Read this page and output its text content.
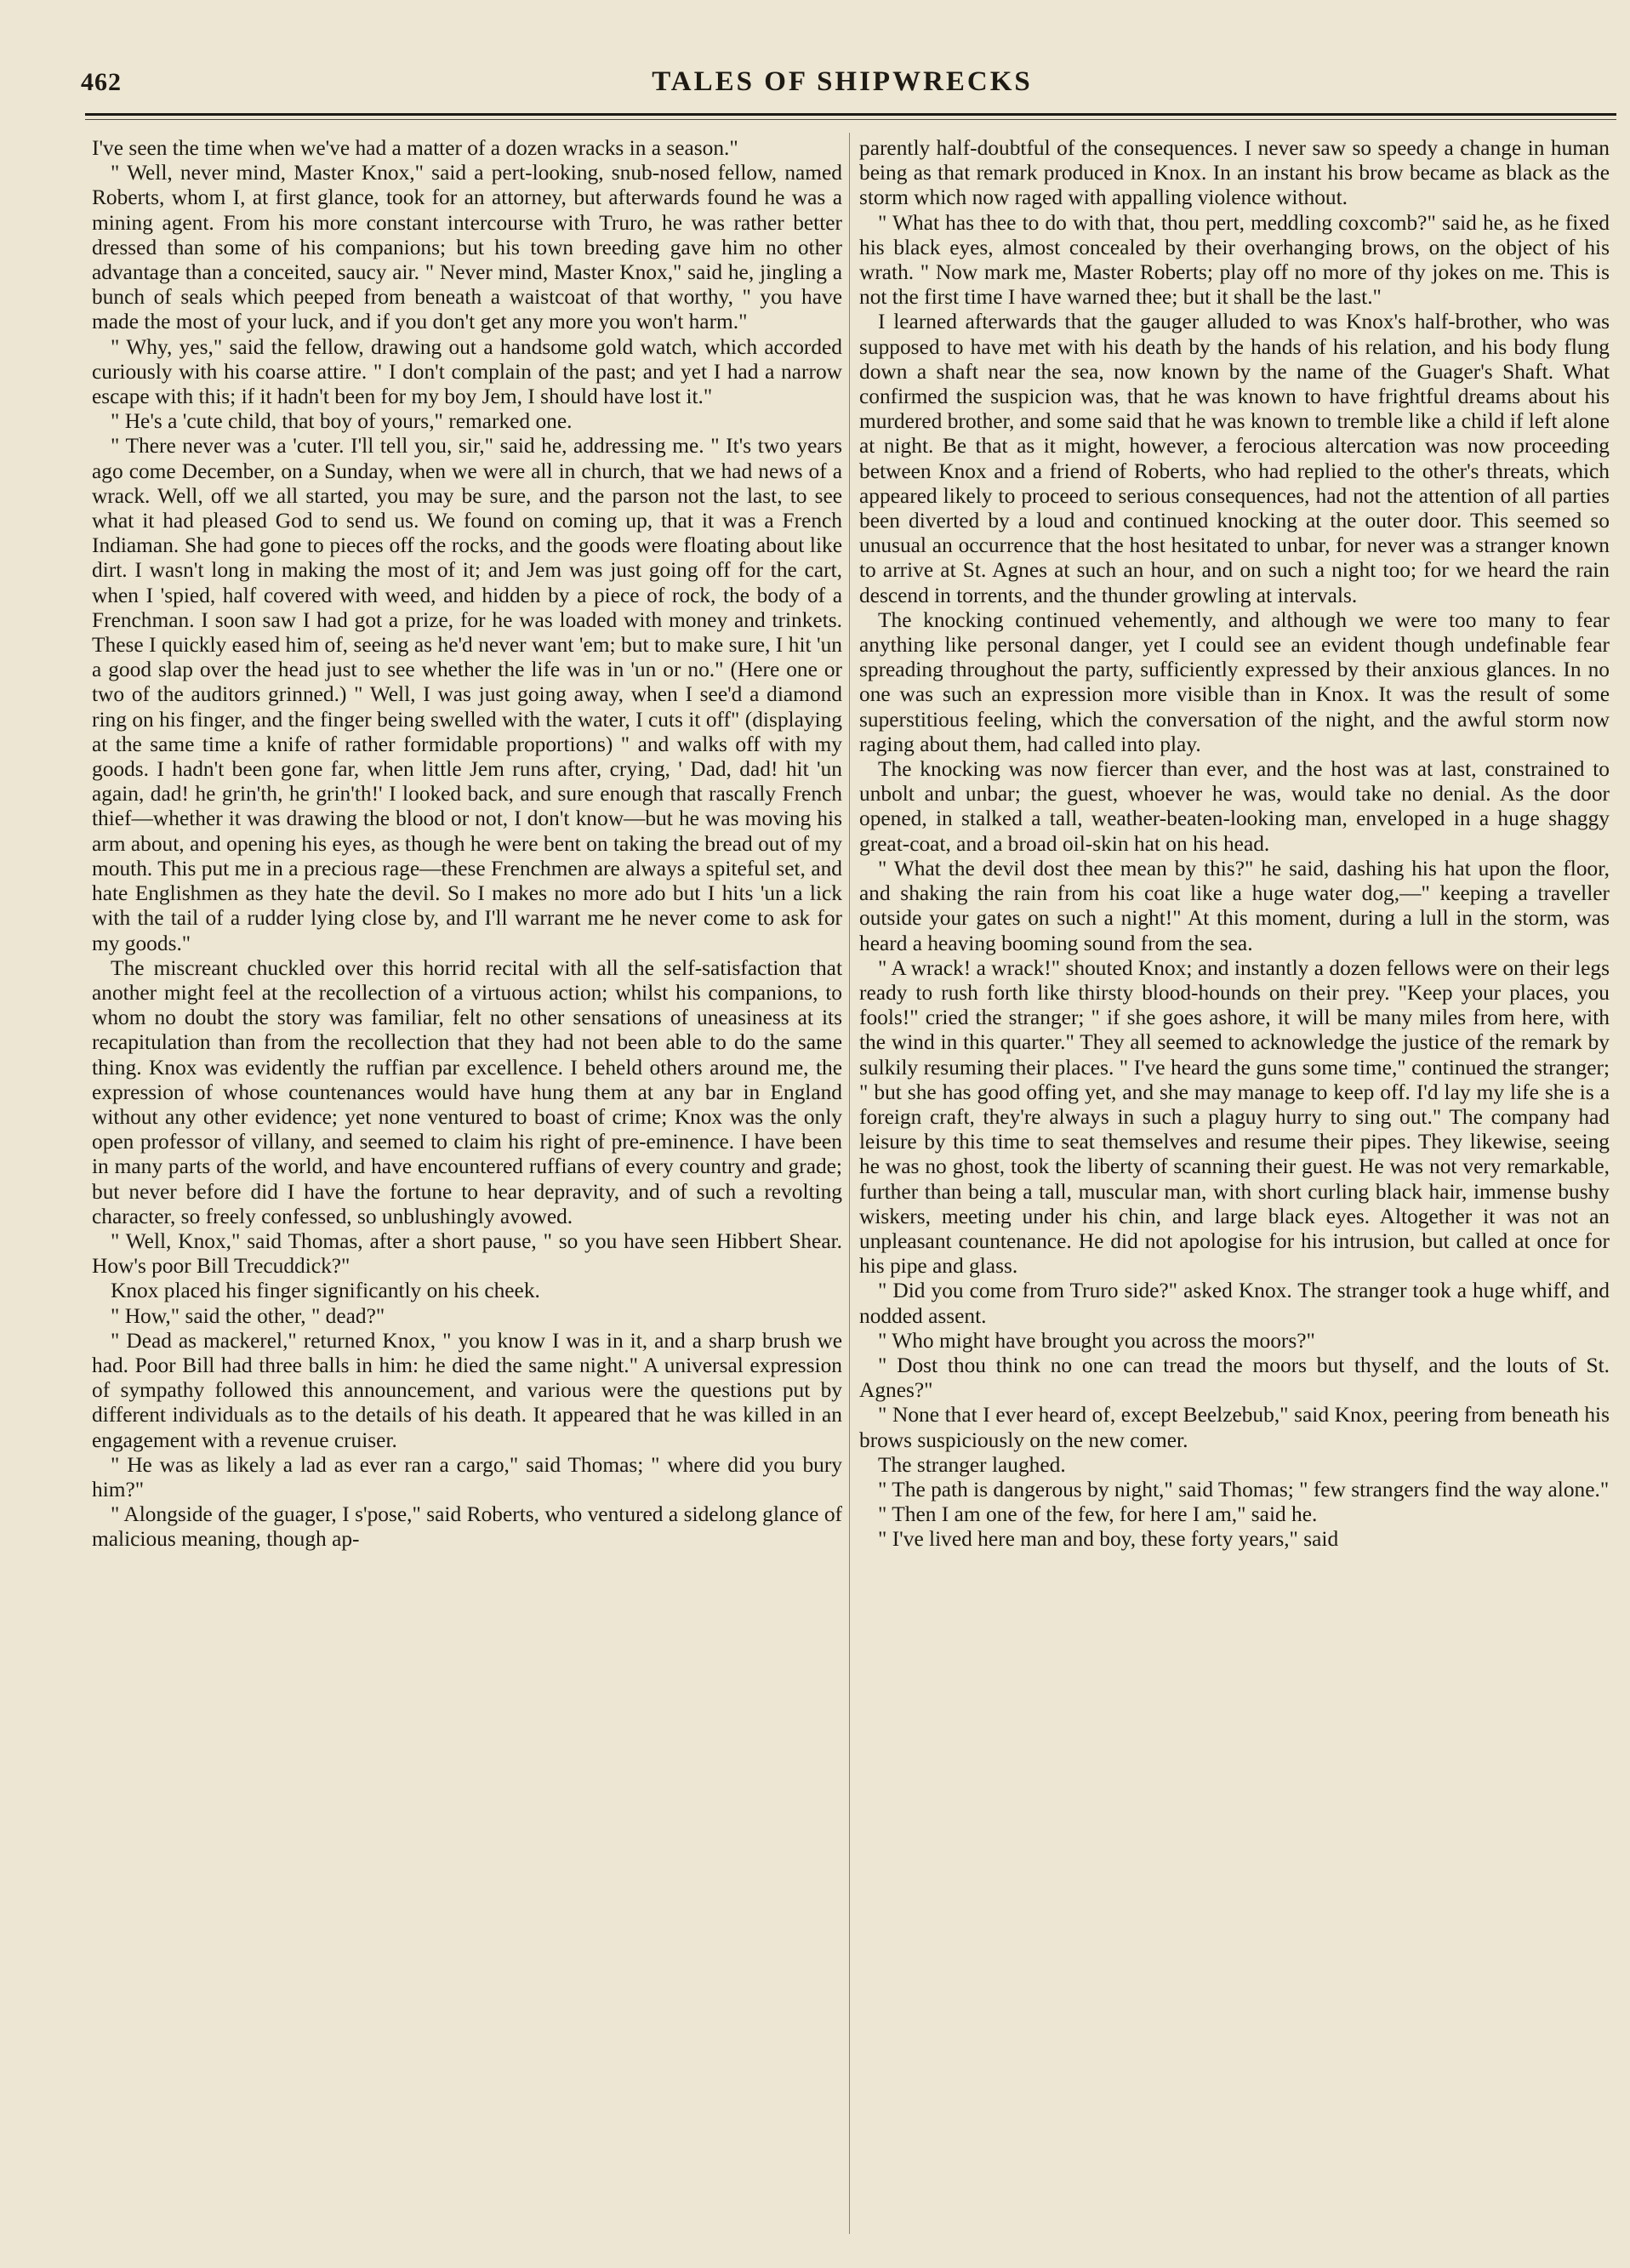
462	TALES OF SHIPWRECKS

I've seen the time when we've had a matter of a dozen wracks in a season."

" Well, never mind, Master Knox," said a pert-looking, snub-nosed fellow, named Roberts, whom I, at first glance, took for an attorney, but afterwards found he was a mining agent. From his more constant intercourse with Truro, he was rather better dressed than some of his companions; but his town breeding gave him no other advantage than a conceited, saucy air. " Never mind, Master Knox," said he, jingling a bunch of seals which peeped from beneath a waistcoat of that worthy, " you have made the most of your luck, and if you don't get any more you won't harm."

" Why, yes," said the fellow, drawing out a handsome gold watch, which accorded curiously with his coarse attire. " I don't complain of the past; and yet I had a narrow escape with this; if it hadn't been for my boy Jem, I should have lost it."

" He's a 'cute child, that boy of yours," remarked one.

" There never was a 'cuter. I'll tell you, sir," said he, addressing me. " It's two years ago come December, on a Sunday, when we were all in church, that we had news of a wrack. Well, off we all started, you may be sure, and the parson not the last, to see what it had pleased God to send us. We found on coming up, that it was a French Indiaman. She had gone to pieces off the rocks, and the goods were floating about like dirt. I wasn't long in making the most of it; and Jem was just going off for the cart, when I 'spied, half covered with weed, and hidden by a piece of rock, the body of a Frenchman. I soon saw I had got a prize, for he was loaded with money and trinkets. These I quickly eased him of, seeing as he'd never want 'em; but to make sure, I hit 'un a good slap over the head just to see whether the life was in 'un or no." (Here one or two of the auditors grinned.) " Well, I was just going away, when I see'd a diamond ring on his finger, and the finger being swelled with the water, I cuts it off" (displaying at the same time a knife of rather formidable proportions) " and walks off with my goods. I hadn't been gone far, when little Jem runs after, crying, ' Dad, dad! hit 'un again, dad! he grin'th, he grin'th!' I looked back, and sure enough that rascally French thief—whether it was drawing the blood or not, I don't know—but he was moving his arm about, and opening his eyes, as though he were bent on taking the bread out of my mouth. This put me in a precious rage—these Frenchmen are always a spiteful set, and hate Englishmen as they hate the devil. So I makes no more ado but I hits 'un a lick with the tail of a rudder lying close by, and I'll warrant me he never come to ask for my goods."

The miscreant chuckled over this horrid recital with all the self-satisfaction that another might feel at the recollection of a virtuous action; whilst his companions, to whom no doubt the story was familiar, felt no other sensations of uneasiness at its recapitulation than from the recollection that they had not been able to do the same thing. Knox was evidently the ruffian par excellence. I beheld others around me, the expression of whose countenances would have hung them at any bar in England without any other evidence; yet none ventured to boast of crime; Knox was the only open professor of villany, and seemed to claim his right of pre-eminence. I have been in many parts of the world, and have encountered ruffians of every country and grade; but never before did I have the fortune to hear depravity, and of such a revolting character, so freely confessed, so unblushingly avowed.

" Well, Knox," said Thomas, after a short pause, " so you have seen Hibbert Shear. How's poor Bill Trecuddick?"

Knox placed his finger significantly on his cheek.

" How," said the other, " dead?"

" Dead as mackerel," returned Knox, " you know I was in it, and a sharp brush we had. Poor Bill had three balls in him: he died the same night." A universal expression of sympathy followed this announcement, and various were the questions put by different individuals as to the details of his death. It appeared that he was killed in an engagement with a revenue cruiser.

" He was as likely a lad as ever ran a cargo," said Thomas; " where did you bury him?"

" Alongside of the guager, I s'pose," said Roberts, who ventured a sidelong glance of malicious meaning, though ap-

parently half-doubtful of the consequences. I never saw so speedy a change in human being as that remark produced in Knox. In an instant his brow became as black as the storm which now raged with appalling violence without.

" What has thee to do with that, thou pert, meddling coxcomb?" said he, as he fixed his black eyes, almost concealed by their overhanging brows, on the object of his wrath. " Now mark me, Master Roberts; play off no more of thy jokes on me. This is not the first time I have warned thee; but it shall be the last."

I learned afterwards that the gauger alluded to was Knox's half-brother, who was supposed to have met with his death by the hands of his relation, and his body flung down a shaft near the sea, now known by the name of the Guager's Shaft. What confirmed the suspicion was, that he was known to have frightful dreams about his murdered brother, and some said that he was known to tremble like a child if left alone at night. Be that as it might, however, a ferocious altercation was now proceeding between Knox and a friend of Roberts, who had replied to the other's threats, which appeared likely to proceed to serious consequences, had not the attention of all parties been diverted by a loud and continued knocking at the outer door. This seemed so unusual an occurrence that the host hesitated to unbar, for never was a stranger known to arrive at St. Agnes at such an hour, and on such a night too; for we heard the rain descend in torrents, and the thunder growling at intervals.

The knocking continued vehemently, and although we were too many to fear anything like personal danger, yet I could see an evident though undefinable fear spreading throughout the party, sufficiently expressed by their anxious glances. In no one was such an expression more visible than in Knox. It was the result of some superstitious feeling, which the conversation of the night, and the awful storm now raging about them, had called into play.

The knocking was now fiercer than ever, and the host was at last, constrained to unbolt and unbar; the guest, whoever he was, would take no denial. As the door opened, in stalked a tall, weather-beaten-looking man, enveloped in a huge shaggy great-coat, and a broad oil-skin hat on his head.

" What the devil dost thee mean by this?" he said, dashing his hat upon the floor, and shaking the rain from his coat like a huge water dog,—" keeping a traveller outside your gates on such a night!" At this moment, during a lull in the storm, was heard a heaving booming sound from the sea.

" A wrack! a wrack!" shouted Knox; and instantly a dozen fellows were on their legs ready to rush forth like thirsty blood-hounds on their prey. "Keep your places, you fools!" cried the stranger; " if she goes ashore, it will be many miles from here, with the wind in this quarter." They all seemed to acknowledge the justice of the remark by sulkily resuming their places. " I've heard the guns some time," continued the stranger; " but she has good offing yet, and she may manage to keep off. I'd lay my life she is a foreign craft, they're always in such a plaguy hurry to sing out." The company had leisure by this time to seat themselves and resume their pipes. They likewise, seeing he was no ghost, took the liberty of scanning their guest. He was not very remarkable, further than being a tall, muscular man, with short curling black hair, immense bushy wiskers, meeting under his chin, and large black eyes. Altogether it was not an unpleasant countenance. He did not apologise for his intrusion, but called at once for his pipe and glass.

" Did you come from Truro side?" asked Knox. The stranger took a huge whiff, and nodded assent.

" Who might have brought you across the moors?"

" Dost thou think no one can tread the moors but thyself, and the louts of St. Agnes?"

" None that I ever heard of, except Beelzebub," said Knox, peering from beneath his brows suspiciously on the new comer.

The stranger laughed.

" The path is dangerous by night," said Thomas; " few strangers find the way alone."

" Then I am one of the few, for here I am," said he.

" I've lived here man and boy, these forty years," said
